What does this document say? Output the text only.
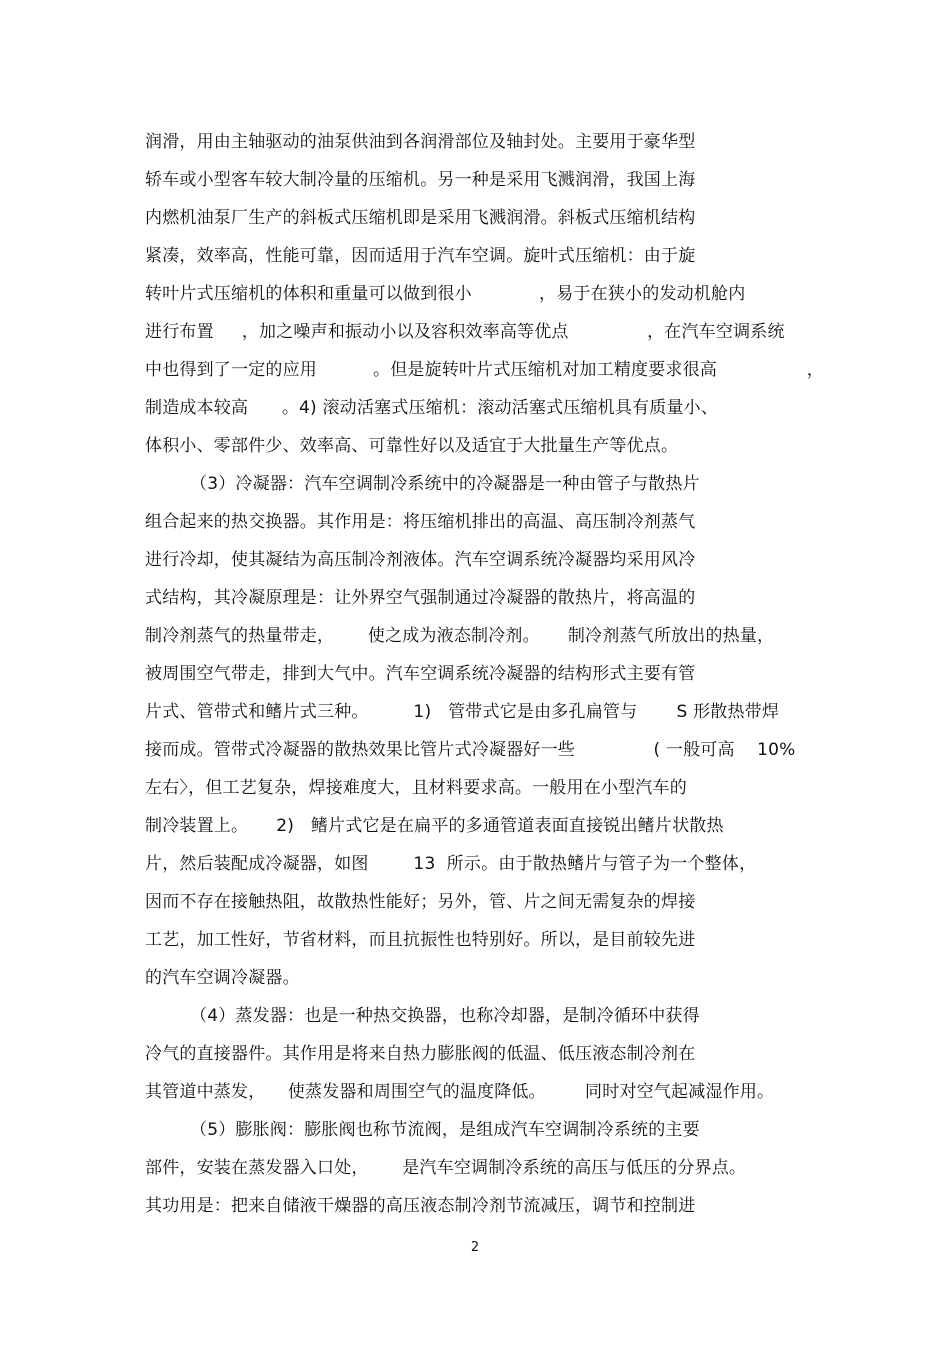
润滑，用由主轴驱动的油泵供油到各润滑部位及轴封处。主要用于豪华型
轿车或小型客车较大制冷量的压缩机。另一种是采用飞溅润滑，我国上海
内燃机油泵厂生产的斜板式压缩机即是采用飞溅润滑。斜板式压缩机结构
紧凑，效率高，性能可靠，因而适用于汽车空调。旋叶式压缩机：由于旋
转叶片式压缩机的体积和重量可以做到很小            ，易于在狭小的发动机舱内
进行布置     ，加之噪声和振动小以及容积效率高等优点              ，在汽车空调系统
中也得到了一定的应用          。但是旋转叶片式压缩机对加工精度要求很高                ，
制造成本较高      。4) 滚动活塞式压缩机：滚动活塞式压缩机具有质量小、
体积小、零部件少、效率高、可靠性好以及适宜于大批量生产等优点。
（3）冷凝器：汽车空调制冷系统中的冷凝器是一种由管子与散热片
组合起来的热交换器。其作用是：将压缩机排出的高温、高压制冷剂蒸气
进行冷却，使其凝结为高压制冷剂液体。汽车空调系统冷凝器均采用风冷
式结构，其冷凝原理是：让外界空气强制通过冷凝器的散热片，将高温的
制冷剂蒸气的热量带走，      使之成为液态制冷剂。     制冷剂蒸气所放出的热量，
被周围空气带走，排到大气中。汽车空调系统冷凝器的结构形式主要有管
片式、管带式和鳍片式三种。        1)   管带式它是由多孔扁管与       S 形散热带焊
接而成。管带式冷凝器的散热效果比管片式冷凝器好一些              ( 一般可高    10%
左右〉，但工艺复杂，焊接难度大，且材料要求高。一般用在小型汽车的
制冷装置上。     2)   鳍片式它是在扁平的多通管道表面直接锐出鳍片状散热
片，然后装配成冷凝器，如图        13  所示。由于散热鳍片与管子为一个整体，
因而不存在接触热阻，故散热性能好；另外，管、片之间无需复杂的焊接
工艺，加工性好，节省材料，而且抗振性也特别好。所以，是目前较先进
的汽车空调冷凝器。
（4）蒸发器：也是一种热交换器，也称冷却器，是制冷循环中获得
冷气的直接器件。其作用是将来自热力膨胀阀的低温、低压液态制冷剂在
其管道中蒸发，    使蒸发器和周围空气的温度降低。       同时对空气起减湿作用。
（5）膨胀阀：膨胀阀也称节流阀，是组成汽车空调制冷系统的主要
部件，安装在蒸发器入口处，      是汽车空调制冷系统的高压与低压的分界点。
其功用是：把来自储液干燥器的高压液态制冷剂节流减压，调节和控制进
2
